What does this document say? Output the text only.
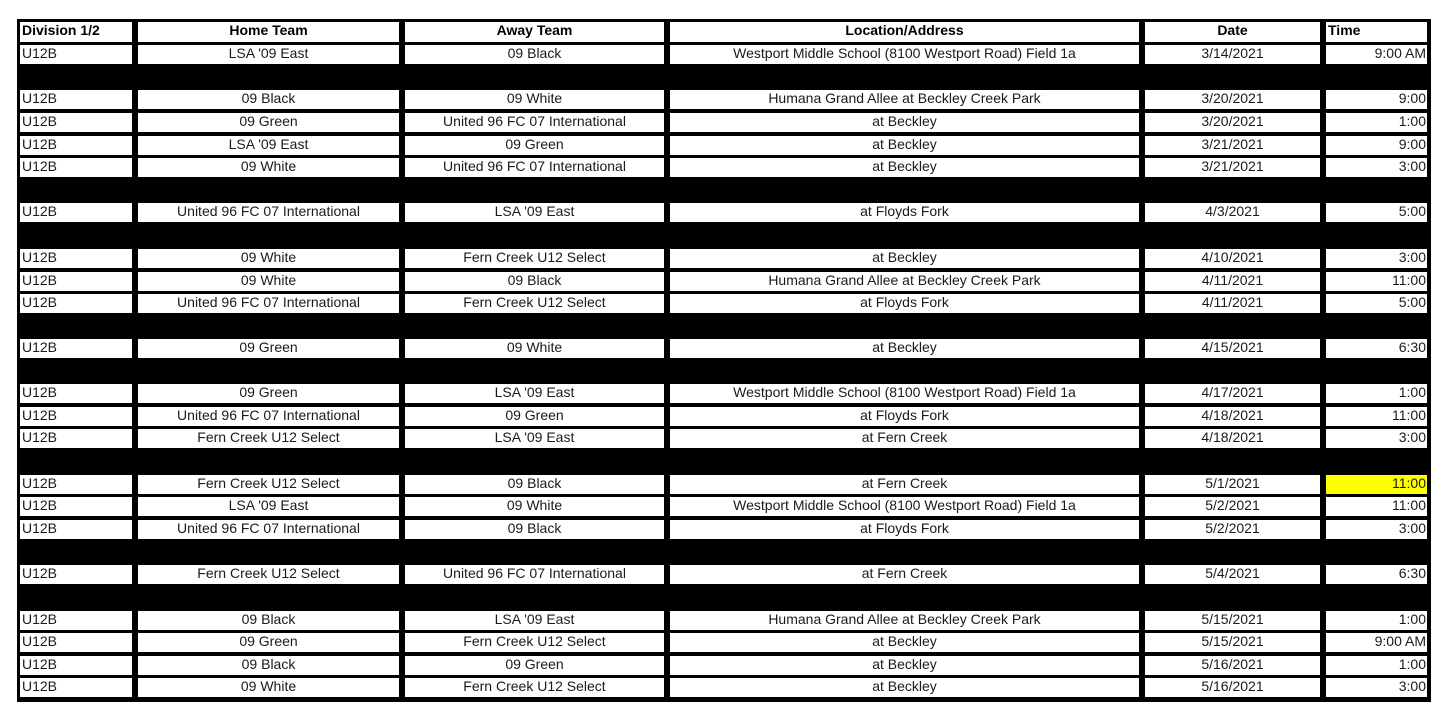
Division 1/2	Home Team	Away Team	Location/Address	Date	Time
U12B	LSA '09 East	09 Black	Westport Middle School (8100 Westport Road) Field 1a	3/14/2021	9:00 AM
U12B	09 Black	09 White	Humana Grand Allee at Beckley Creek Park	3/20/2021	9:00
U12B	09 Green	United 96 FC 07 International	at Beckley	3/20/2021	1:00
U12B	LSA '09 East	09 Green	at Beckley	3/21/2021	9:00
U12B	09 White	United 96 FC 07 International	at Beckley	3/21/2021	3:00
U12B	United 96 FC 07 International	LSA '09 East	at Floyds Fork	4/3/2021	5:00
U12B	09 White	Fern Creek U12 Select	at Beckley	4/10/2021	3:00
U12B	09 White	09 Black	Humana Grand Allee at Beckley Creek Park	4/11/2021	11:00
U12B	United 96 FC 07 International	Fern Creek U12 Select	at Floyds Fork	4/11/2021	5:00
U12B	09 Green	09 White	at Beckley	4/15/2021	6:30
U12B	09 Green	LSA '09 East	Westport Middle School (8100 Westport Road) Field 1a	4/17/2021	1:00
U12B	United 96 FC 07 International	09 Green	at Floyds Fork	4/18/2021	11:00
U12B	Fern Creek U12 Select	LSA '09 East	at Fern Creek	4/18/2021	3:00
U12B	Fern Creek U12 Select	09 Black	at Fern Creek	5/1/2021	11:00
U12B	LSA '09 East	09 White	Westport Middle School (8100 Westport Road) Field 1a	5/2/2021	11:00
U12B	United 96 FC 07 International	09 Black	at Floyds Fork	5/2/2021	3:00
U12B	Fern Creek U12 Select	United 96 FC 07 International	at Fern Creek	5/4/2021	6:30
U12B	09 Black	LSA '09 East	Humana Grand Allee at Beckley Creek Park	5/15/2021	1:00
U12B	09 Green	Fern Creek U12 Select	at Beckley	5/15/2021	9:00 AM
U12B	09 Black	09 Green	at Beckley	5/16/2021	1:00
U12B	09 White	Fern Creek U12 Select	at Beckley	5/16/2021	3:00
